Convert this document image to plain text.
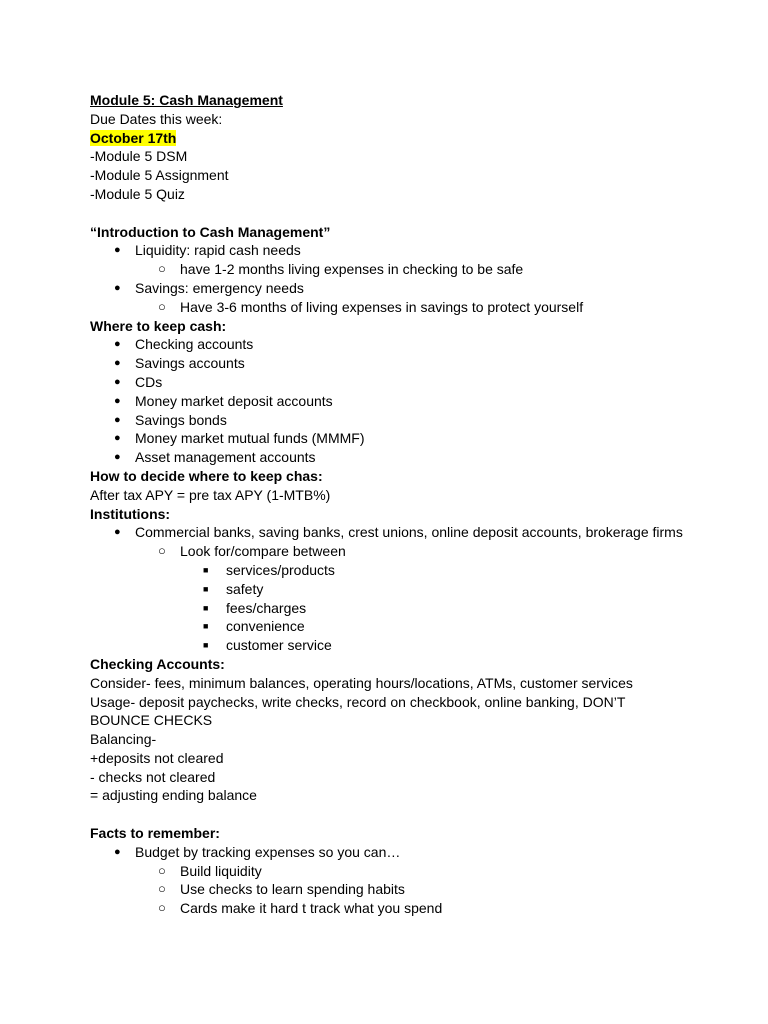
Module 5: Cash Management
Due Dates this week:
October 17th
-Module 5 DSM
-Module 5 Assignment
-Module 5 Quiz
“Introduction to Cash Management”
● Liquidity: rapid cash needs
○ have 1-2 months living expenses in checking to be safe
● Savings: emergency needs
○ Have 3-6 months of living expenses in savings to protect yourself
Where to keep cash:
● Checking accounts
● Savings accounts
● CDs
● Money market deposit accounts
● Savings bonds
● Money market mutual funds (MMMF)
● Asset management accounts
How to decide where to keep chas:
After tax APY = pre tax APY (1-MTB%)
Institutions:
● Commercial banks, saving banks, crest unions, online deposit accounts, brokerage firms
○ Look for/compare between
■ services/products
■ safety
■ fees/charges
■ convenience
■ customer service
Checking Accounts:
Consider- fees, minimum balances, operating hours/locations, ATMs, customer services
Usage- deposit paychecks, write checks, record on checkbook, online banking, DON’T
BOUNCE CHECKS
Balancing-
+deposits not cleared
- checks not cleared
= adjusting ending balance
Facts to remember:
● Budget by tracking expenses so you can…
○ Build liquidity
○ Use checks to learn spending habits
○ Cards make it hard t track what you spend
